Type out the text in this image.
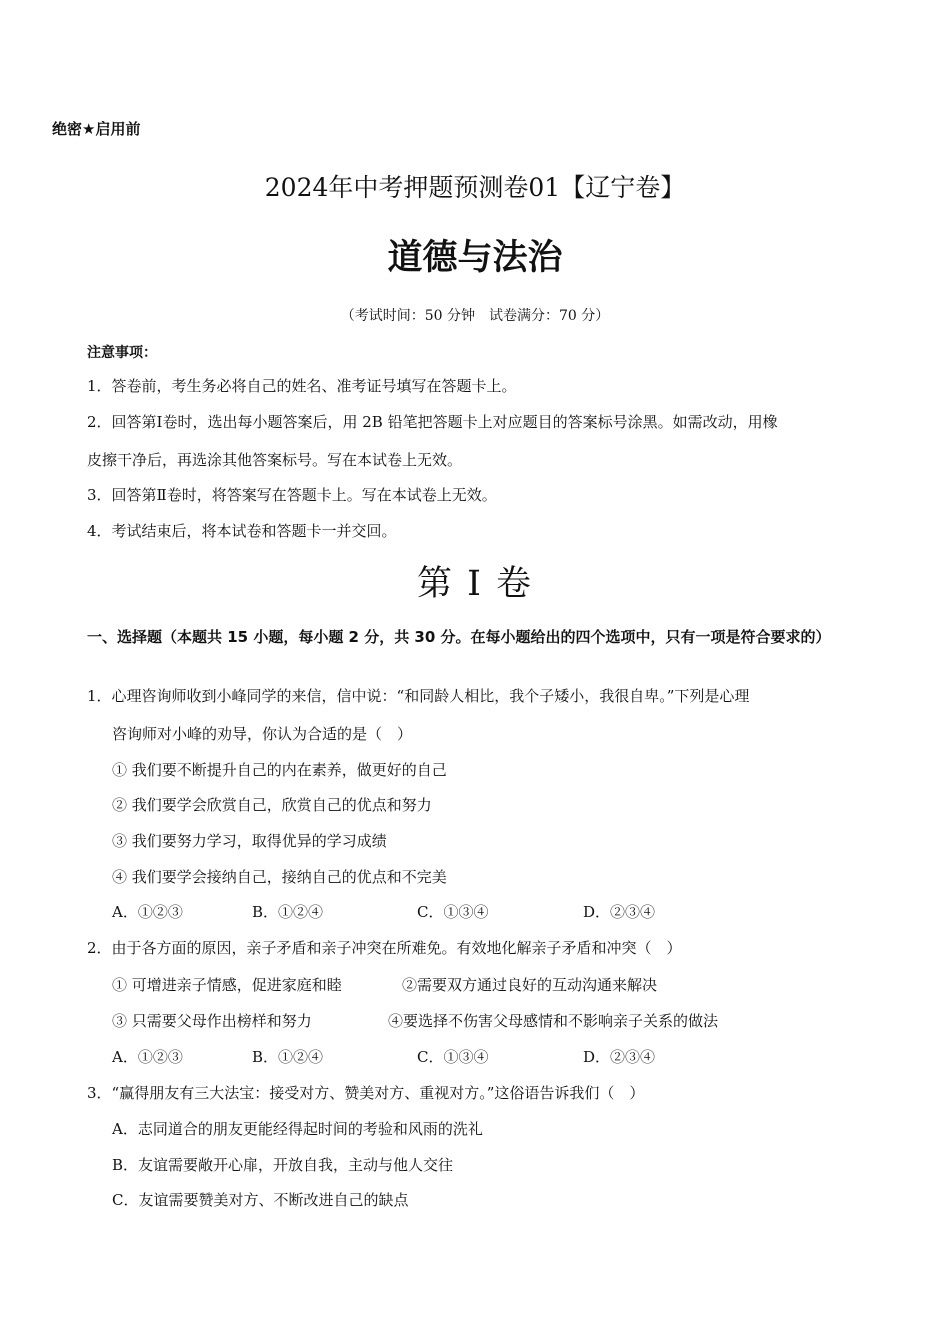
绝密★启用前
2024年中考押题预测卷01【辽宁卷】
道德与法治
（考试时间：50 分钟　试卷满分：70 分）
注意事项：
1．答卷前，考生务必将自己的姓名、准考证号填写在答题卡上。
2．回答第Ⅰ卷时，选出每小题答案后，用 2B 铅笔把答题卡上对应题目的答案标号涂黑。如需改动，用橡
皮擦干净后，再选涂其他答案标号。写在本试卷上无效。
3．回答第Ⅱ卷时，将答案写在答题卡上。写在本试卷上无效。
4．考试结束后，将本试卷和答题卡一并交回。
第 I 卷
一、选择题（本题共 15 小题，每小题 2 分，共 30 分。在每小题给出的四个选项中，只有一项是符合要求的）
1．心理咨询师收到小峰同学的来信，信中说：“和同龄人相比，我个子矮小，我很自卑。”下列是心理
咨询师对小峰的劝导，你认为合适的是（　）
① 我们要不断提升自己的内在素养，做更好的自己
② 我们要学会欣赏自己，欣赏自己的优点和努力
③ 我们要努力学习，取得优异的学习成绩
④ 我们要学会接纳自己，接纳自己的优点和不完美
A．①②③	B．①②④	C．①③④	D．②③④
2．由于各方面的原因，亲子矛盾和亲子冲突在所难免。有效地化解亲子矛盾和冲突（　）
① 可增进亲子情感，促进家庭和睦	②需要双方通过良好的互动沟通来解决
③ 只需要父母作出榜样和努力	④要选择不伤害父母感情和不影响亲子关系的做法
A．①②③	B．①②④	C．①③④	D．②③④
3．“赢得朋友有三大法宝：接受对方、赞美对方、重视对方。”这俗语告诉我们（　）
A．志同道合的朋友更能经得起时间的考验和风雨的洗礼
B．友谊需要敞开心扉，开放自我，主动与他人交往
C．友谊需要赞美对方、不断改进自己的缺点
